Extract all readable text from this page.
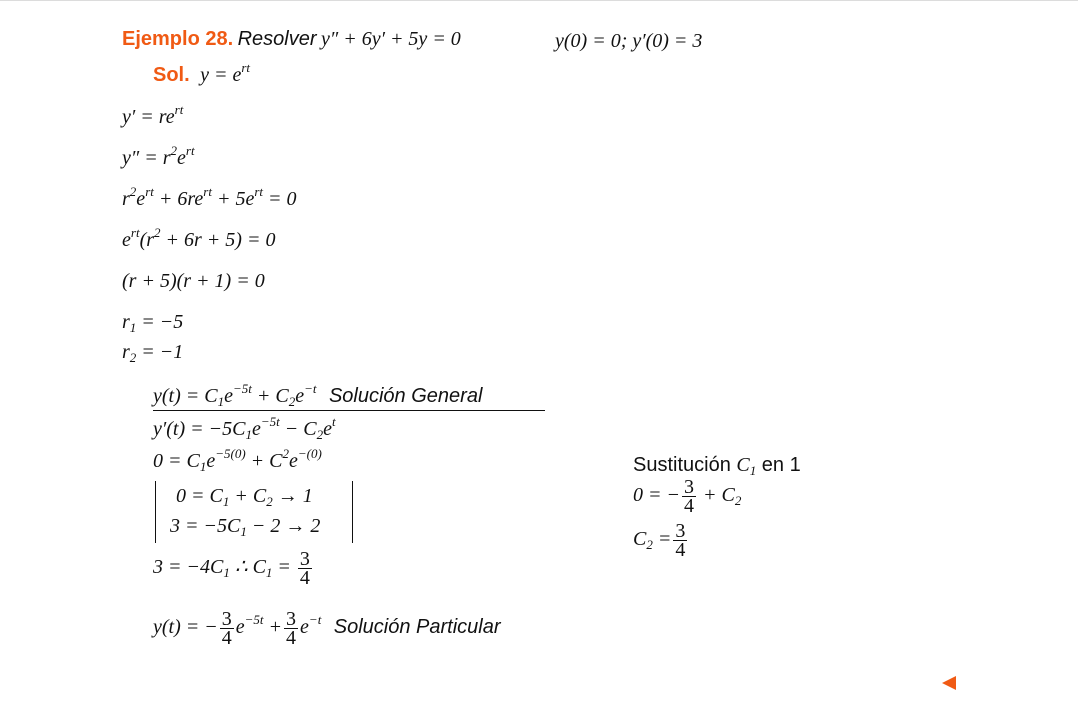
Ejemplo 28. Resolver y″ + 6y′ + 5y = 0	y(0) = 0; y′(0) = 3
Sol. $y = e^{rt}$
$y' = re^{rt}$
$y'' = r^2e^{rt}$
$r^2e^{rt} + 6re^{rt} + 5e^{rt} = 0$
$e^{rt}(r^2 + 6r + 5) = 0$
(r + 5)(r + 1) = 0
$r_1 = -5$
$r_2 = -1$
$y(t) = C_1e^{-5t} + C_2e^{-t}$ Solución General
$y'(t) = -5C_1e^{-5t} - C_2e^t$
$0 = C_1e^{-5(0)} + C^2e^{-(0)}$
$0 = C_1 + C_2 \to 1$
$3 = -5C_1 - 2 \to 2$
$3 = -4C_1$ ∴ $C_1 = \frac{3}{4}$
y(t) = − $\frac{3}{4} e^{-5t} + \frac{3}{4} e^{-t}$ Solución Particular
Sustitución $C_1$ en 1
0 = − $\frac{3}{4} + C_2$
$C_2 = \frac{3}{4}$
